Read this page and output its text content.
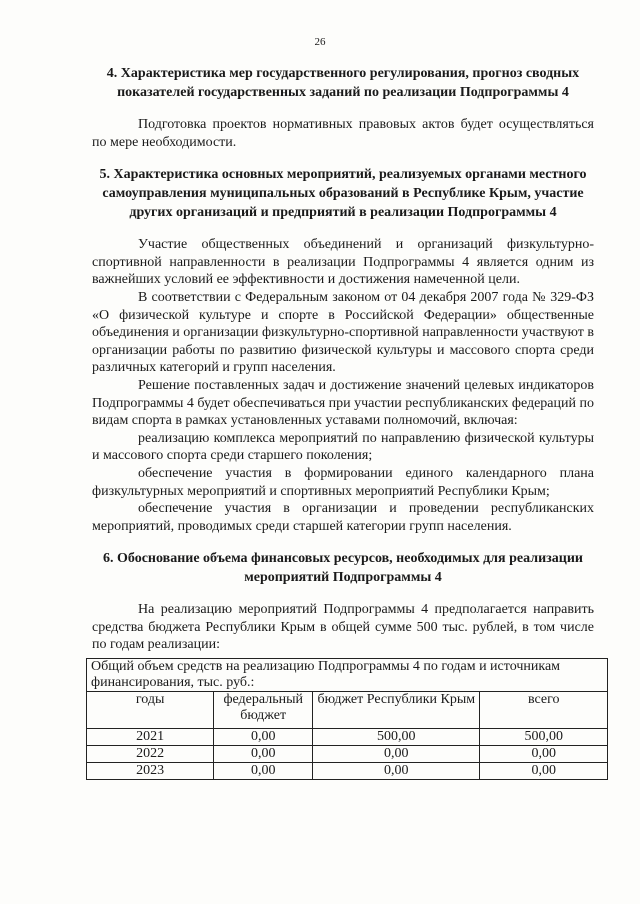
26
4. Характеристика мер государственного регулирования, прогноз сводных показателей государственных заданий по реализации Подпрограммы 4

Подготовка проектов нормативных правовых актов будет осуществляться по мере необходимости.

5. Характеристика основных мероприятий, реализуемых органами местного самоуправления муниципальных образований в Республике Крым, участие других организаций и предприятий в реализации Подпрограммы 4

Участие общественных объединений и организаций физкультурно-спортивной направленности в реализации Подпрограммы 4 является одним из важнейших условий ее эффективности и достижения намеченной цели.

В соответствии с Федеральным законом от 04 декабря 2007 года № 329-ФЗ «О физической культуре и спорте в Российской Федерации» общественные объединения и организации физкультурно-спортивной направленности участвуют в организации работы по развитию физической культуры и массового спорта среди различных категорий и групп населения.

Решение поставленных задач и достижение значений целевых индикаторов Подпрограммы 4 будет обеспечиваться при участии республиканских федераций по видам спорта в рамках установленных уставами полномочий, включая:

реализацию комплекса мероприятий по направлению физической культуры и массового спорта среди старшего поколения;

обеспечение участия в формировании единого календарного плана физкультурных мероприятий и спортивных мероприятий Республики Крым;

обеспечение участия в организации и проведении республиканских мероприятий, проводимых среди старшей категории групп населения.

6. Обоснование объема финансовых ресурсов, необходимых для реализации мероприятий Подпрограммы 4

На реализацию мероприятий Подпрограммы 4 предполагается направить средства бюджета Республики Крым в общей сумме 500 тыс. рублей, в том числе по годам реализации:

Общий объем средств на реализацию Подпрограммы 4 по годам и источникам финансирования, тыс. руб.:			
годы	федеральный бюджет	бюджет Республики Крым	всего
2021	0,00	500,00	500,00
2022	0,00	0,00	0,00
2023	0,00	0,00	0,00
